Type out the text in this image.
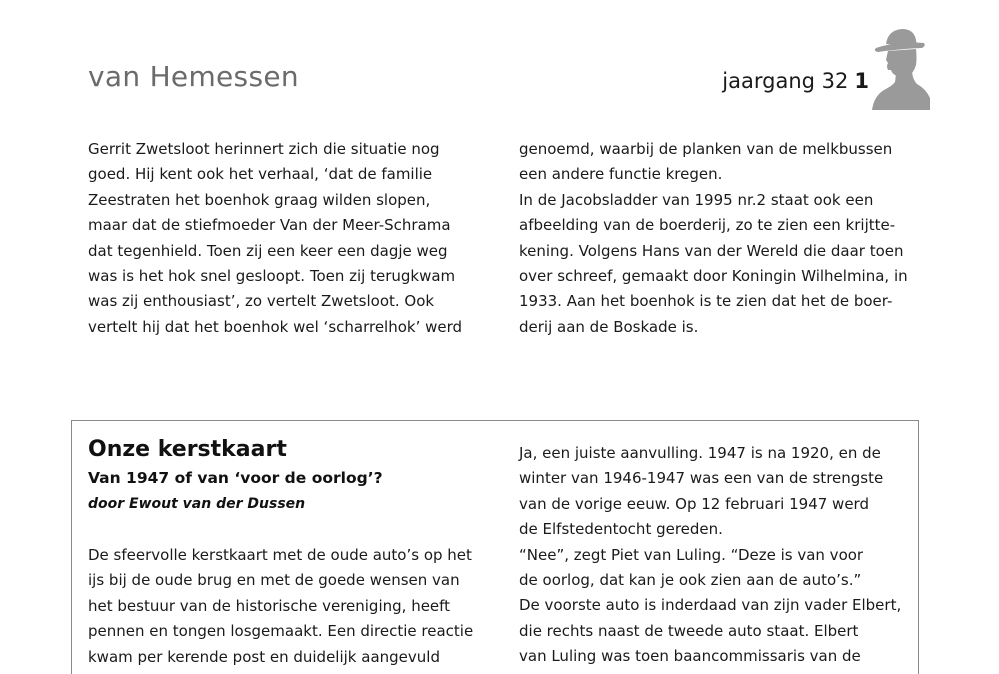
van Hemessen	jaargang 32 1
Gerrit Zwetsloot herinnert zich die situatie nog
goed. Hij kent ook het verhaal, ‘dat de familie
Zeestraten het boenhok graag wilden slopen,
maar dat de stiefmoeder Van der Meer-Schrama
dat tegenhield. Toen zij een keer een dagje weg
was is het hok snel gesloopt. Toen zij terugkwam
was zij enthousiast’, zo vertelt Zwetsloot. Ook
vertelt hij dat het boenhok wel ‘scharrelhok’ werd
genoemd, waarbij de planken van de melkbussen
een andere functie kregen.
In de Jacobsladder van 1995 nr.2 staat ook een
afbeelding van de boerderij, zo te zien een krijtte-
kening. Volgens Hans van der Wereld die daar toen
over schreef, gemaakt door Koningin Wilhelmina, in
1933. Aan het boenhok is te zien dat het de boer-
derij aan de Boskade is.
Onze kerstkaart
Van 1947 of van ‘voor de oorlog’?
door Ewout van der Dussen
De sfeervolle kerstkaart met de oude auto’s op het
ijs bij de oude brug en met de goede wensen van
het bestuur van de historische vereniging, heeft
pennen en tongen losgemaakt. Een directie reactie
kwam per kerende post en duidelijk aangevuld
Ja, een juiste aanvulling. 1947 is na 1920, en de
winter van 1946-1947 was een van de strengste
van de vorige eeuw. Op 12 februari 1947 werd
de Elfstedentocht gereden.
“Nee”, zegt Piet van Luling. “Deze is van voor
de oorlog, dat kan je ook zien aan de auto’s.”
De voorste auto is inderdaad van zijn vader Elbert,
die rechts naast de tweede auto staat. Elbert
van Luling was toen baancommissaris van de
